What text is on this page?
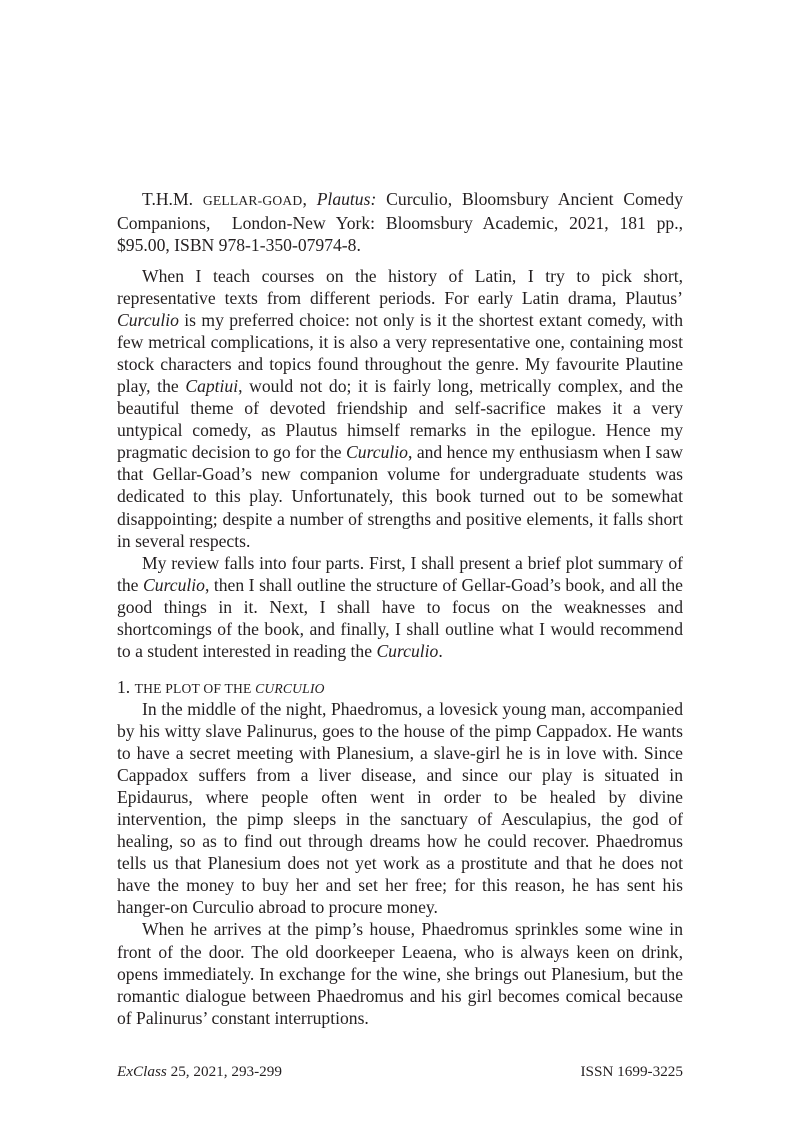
T.H.M. GELLAR-GOAD, Plautus: Curculio, Bloomsbury Ancient Comedy Companions,  London-New York: Bloomsbury Academic, 2021, 181 pp., $95.00, ISBN 978-1-350-07974-8.

When I teach courses on the history of Latin, I try to pick short, representative texts from different periods. For early Latin drama, Plautus’ Curculio is my preferred choice: not only is it the shortest extant comedy, with few metrical complications, it is also a very representative one, containing most stock characters and topics found throughout the genre. My favourite Plautine play, the Captiui, would not do; it is fairly long, metrically complex, and the beautiful theme of devoted friendship and self-sacrifice makes it a very untypical comedy, as Plautus himself remarks in the epilogue. Hence my pragmatic decision to go for the Curculio, and hence my enthusiasm when I saw that Gellar-Goad’s new companion volume for undergraduate students was dedicated to this play. Unfortunately, this book turned out to be somewhat disappointing; despite a number of strengths and positive elements, it falls short in several respects.

My review falls into four parts. First, I shall present a brief plot summary of the Curculio, then I shall outline the structure of Gellar-Goad’s book, and all the good things in it. Next, I shall have to focus on the weaknesses and shortcomings of the book, and finally, I shall outline what I would recommend to a student interested in reading the Curculio.

1. THE PLOT OF THE CURCULIO

In the middle of the night, Phaedromus, a lovesick young man, accompanied by his witty slave Palinurus, goes to the house of the pimp Cappadox. He wants to have a secret meeting with Planesium, a slave-girl he is in love with. Since Cappadox suffers from a liver disease, and since our play is situated in Epidaurus, where people often went in order to be healed by divine intervention, the pimp sleeps in the sanctuary of Aesculapius, the god of healing, so as to find out through dreams how he could recover. Phaedromus tells us that Planesium does not yet work as a prostitute and that he does not have the money to buy her and set her free; for this reason, he has sent his hanger-on Curculio abroad to procure money.

When he arrives at the pimp’s house, Phaedromus sprinkles some wine in front of the door. The old doorkeeper Leaena, who is always keen on drink, opens immediately. In exchange for the wine, she brings out Planesium, but the romantic dialogue between Phaedromus and his girl becomes comical because of Palinurus’ constant interruptions.

ExClass 25, 2021, 293-299	ISSN 1699-3225
